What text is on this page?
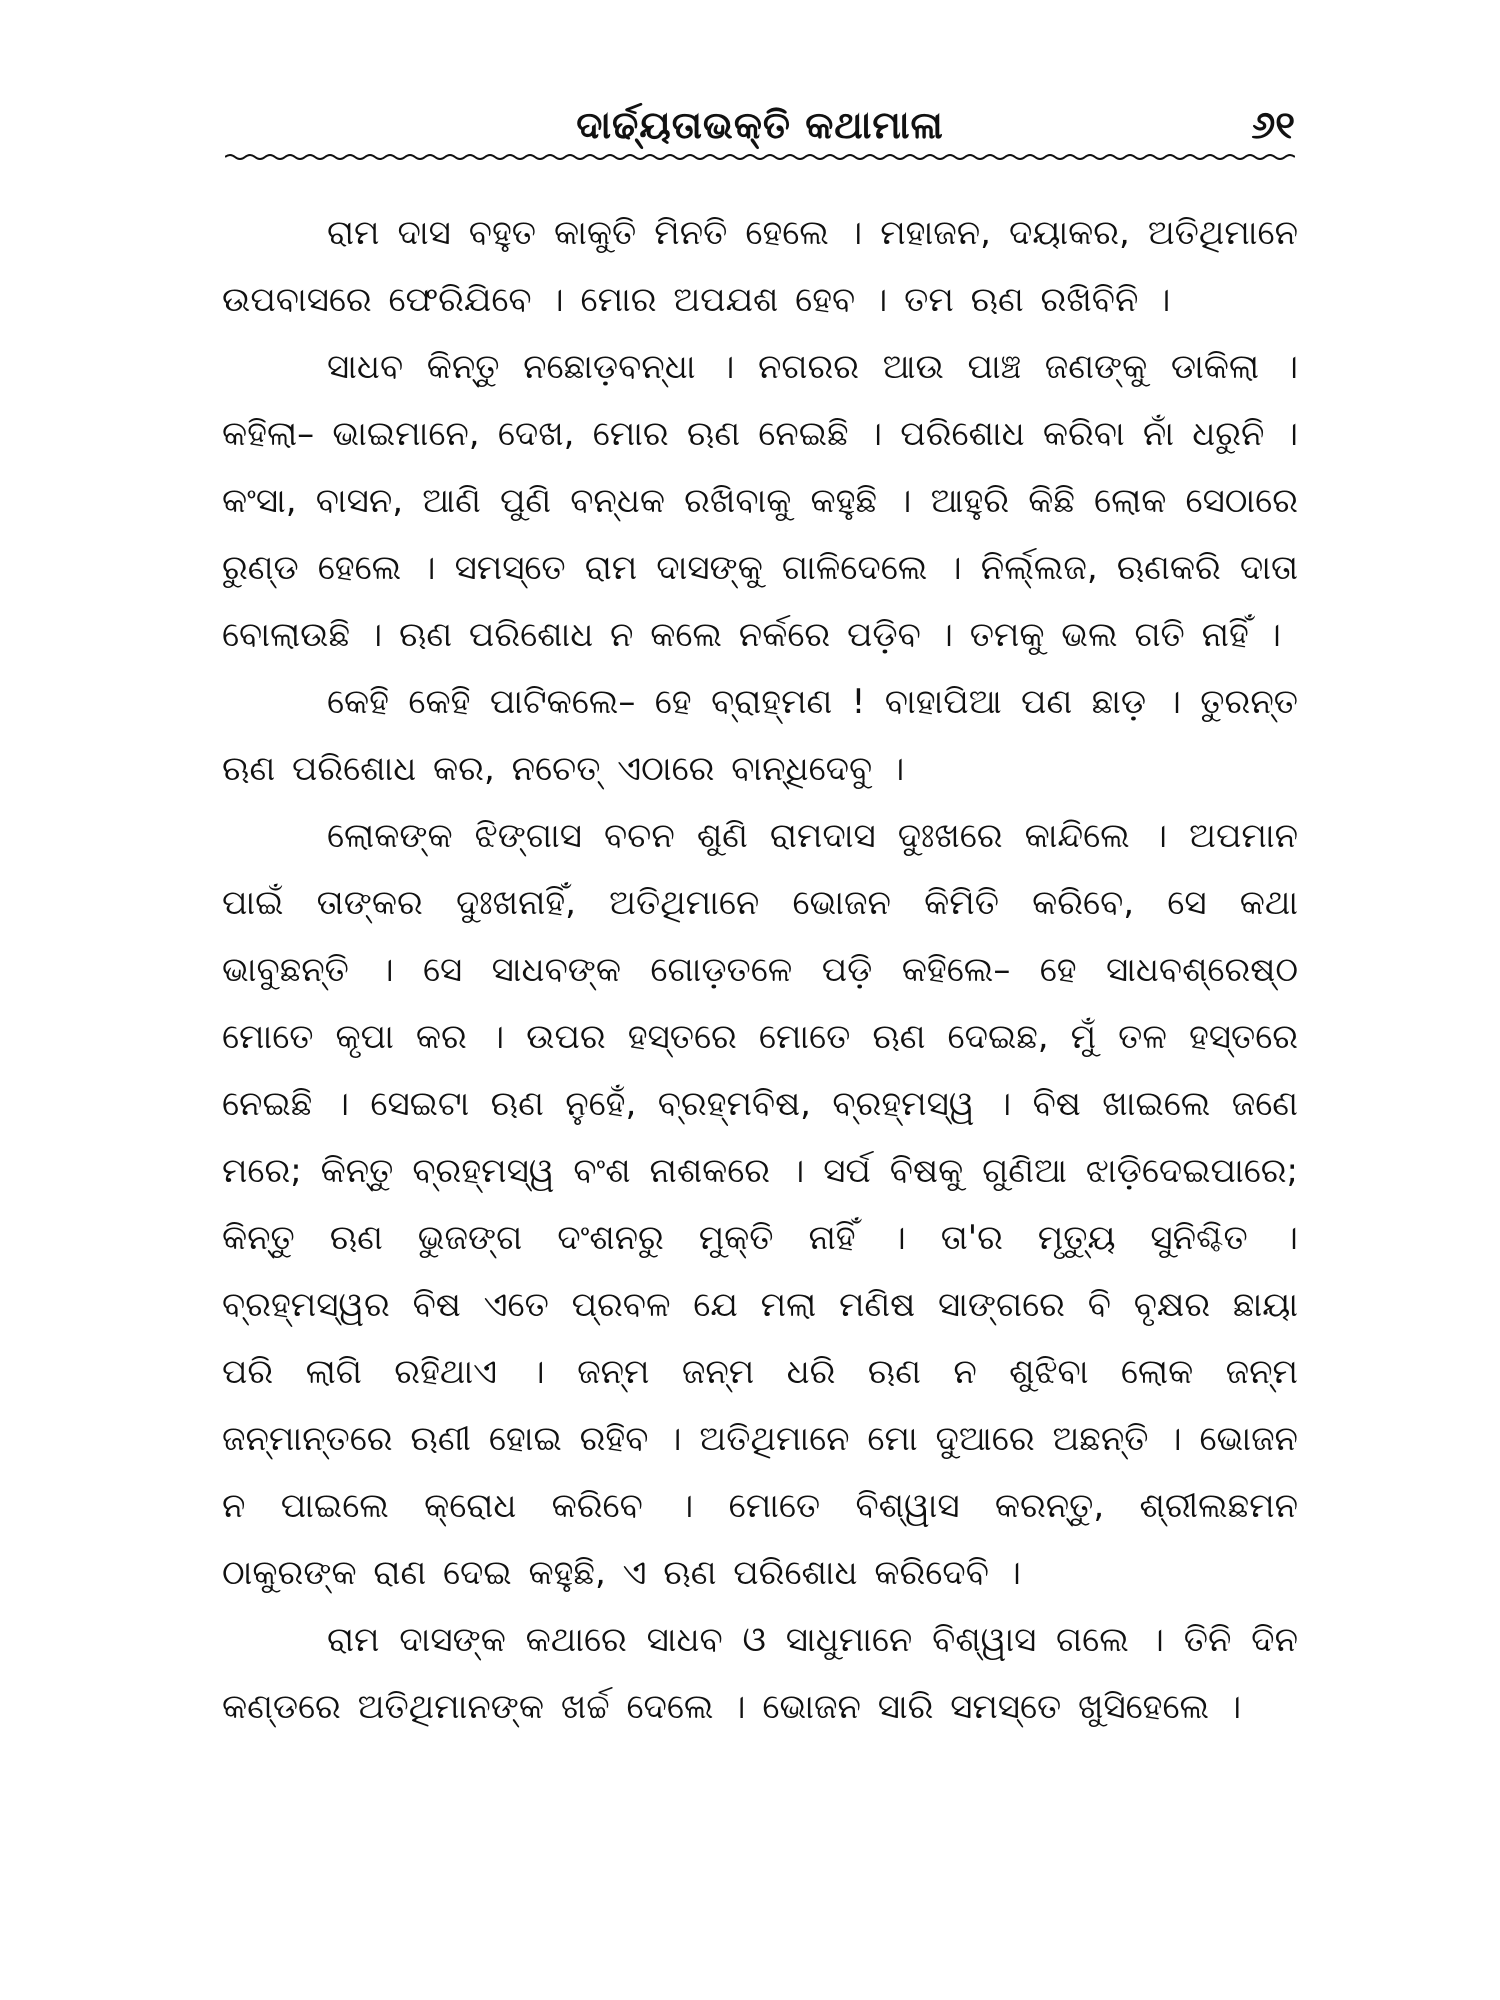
ଦାର୍ଢ୍ୟତାଭକ୍ତି କଥାମାଳା	୬୧

ରାମ ଦାସ ବହୁତ କାକୁତି ମିନତି ହେଲେ । ମହାଜନ, ଦୟାକର, ଅତିଥିମାନେ ଉପବାସରେ ଫେରିଯିବେ । ମୋର ଅପଯଶ ହେବ । ତମ ଋଣ ରଖିବିନି ।

ସାଧବ କିନ୍ତୁ ନଛୋଡ଼ବନ୍ଧା । ନଗରର ଆଉ ପାଞ୍ଚ ଜଣଙ୍କୁ ଡାକିଲା । କହିଲା– ଭାଇମାନେ, ଦେଖ, ମୋର ଋଣ ନେଇଛି । ପରିଶୋଧ କରିବା ନାଁ ଧରୁନି । କଂସା, ବାସନ, ଆଣି ପୁଣି ବନ୍ଧକ ରଖିବାକୁ କହୁଛି । ଆହୁରି କିଛି ଲୋକ ସେଠାରେ ରୁଣ୍ଡ ହେଲେ । ସମସ୍ତେ ରାମ ଦାସଙ୍କୁ ଗାଳିଦେଲେ । ନିର୍ଲ୍ଲଜ, ଋଣକରି ଦାତା ବୋଲାଉଛି । ଋଣ ପରିଶୋଧ ନ କଲେ ନର୍କରେ ପଡ଼ିବ । ତମକୁ ଭଲ ଗତି ନାହିଁ ।

କେହି କେହି ପାଟିକଲେ– ହେ ବ୍ରାହ୍ମଣ ! ବାହାପିଆ ପଣ ଛାଡ଼ । ତୁରନ୍ତ ଋଣ ପରିଶୋଧ କର, ନଚେତ୍ ଏଠାରେ ବାନ୍ଧିଦେବୁ ।

ଲୋକଙ୍କ ଝିଙ୍ଗାସ ବଚନ ଶୁଣି ରାମଦାସ ଦୁଃଖରେ କାନ୍ଦିଲେ । ଅପମାନ ପାଇଁ ତାଙ୍କର ଦୁଃଖନାହିଁ, ଅତିଥିମାନେ ଭୋଜନ କିମିତି କରିବେ, ସେ କଥା ଭାବୁଛନ୍ତି । ସେ ସାଧବଙ୍କ ଗୋଡ଼ତଳେ ପଡ଼ି କହିଲେ– ହେ ସାଧବଶ୍ରେଷ୍ଠ ମୋତେ କୃପା କର । ଉପର ହସ୍ତରେ ମୋତେ ଋଣ ଦେଇଛ, ମୁଁ ତଳ ହସ୍ତରେ ନେଇଛି । ସେଇଟା ଋଣ ନୁହେଁ, ବ୍ରହ୍ମବିଷ, ବ୍ରହ୍ମସ୍ୱ । ବିଷ ଖାଇଲେ ଜଣେ ମରେ; କିନ୍ତୁ ବ୍ରହ୍ମସ୍ୱ ବଂଶ ନାଶକରେ । ସର୍ପ ବିଷକୁ ଗୁଣିଆ ଝାଡ଼ିଦେଇପାରେ; କିନ୍ତୁ ଋଣ ଭୁଜଙ୍ଗ ଦଂଶନରୁ ମୁକ୍ତି ନାହିଁ । ତା'ର ମୃତ୍ୟୁ ସୁନିଶ୍ଚିତ । ବ୍ରହ୍ମସ୍ୱର ବିଷ ଏତେ ପ୍ରବଳ ଯେ ମଲା ମଣିଷ ସାଙ୍ଗରେ ବି ବୃକ୍ଷର ଛାୟା ପରି ଲାଗି ରହିଥାଏ । ଜନ୍ମ ଜନ୍ମ ଧରି ଋଣ ନ ଶୁଝିବା ଲୋକ ଜନ୍ମ ଜନ୍ମାନ୍ତରେ ଋଣୀ ହୋଇ ରହିବ । ଅତିଥିମାନେ ମୋ ଦୁଆରେ ଅଛନ୍ତି । ଭୋଜନ ନ ପାଇଲେ କ୍ରୋଧ କରିବେ । ମୋତେ ବିଶ୍ୱାସ କରନ୍ତୁ, ଶ୍ରୀଲଛମନ ଠାକୁରଙ୍କ ରାଣ ଦେଇ କହୁଛି, ଏ ଋଣ ପରିଶୋଧ କରିଦେବି ।

ରାମ ଦାସଙ୍କ କଥାରେ ସାଧବ ଓ ସାଧୁମାନେ ବିଶ୍ୱାସ ଗଲେ । ତିନି ଦିନ କଣ୍ଡରେ ଅତିଥିମାନଙ୍କ ଖର୍ଚ୍ଚ ଦେଲେ । ଭୋଜନ ସାରି ସମସ୍ତେ ଖୁସିହେଲେ ।
